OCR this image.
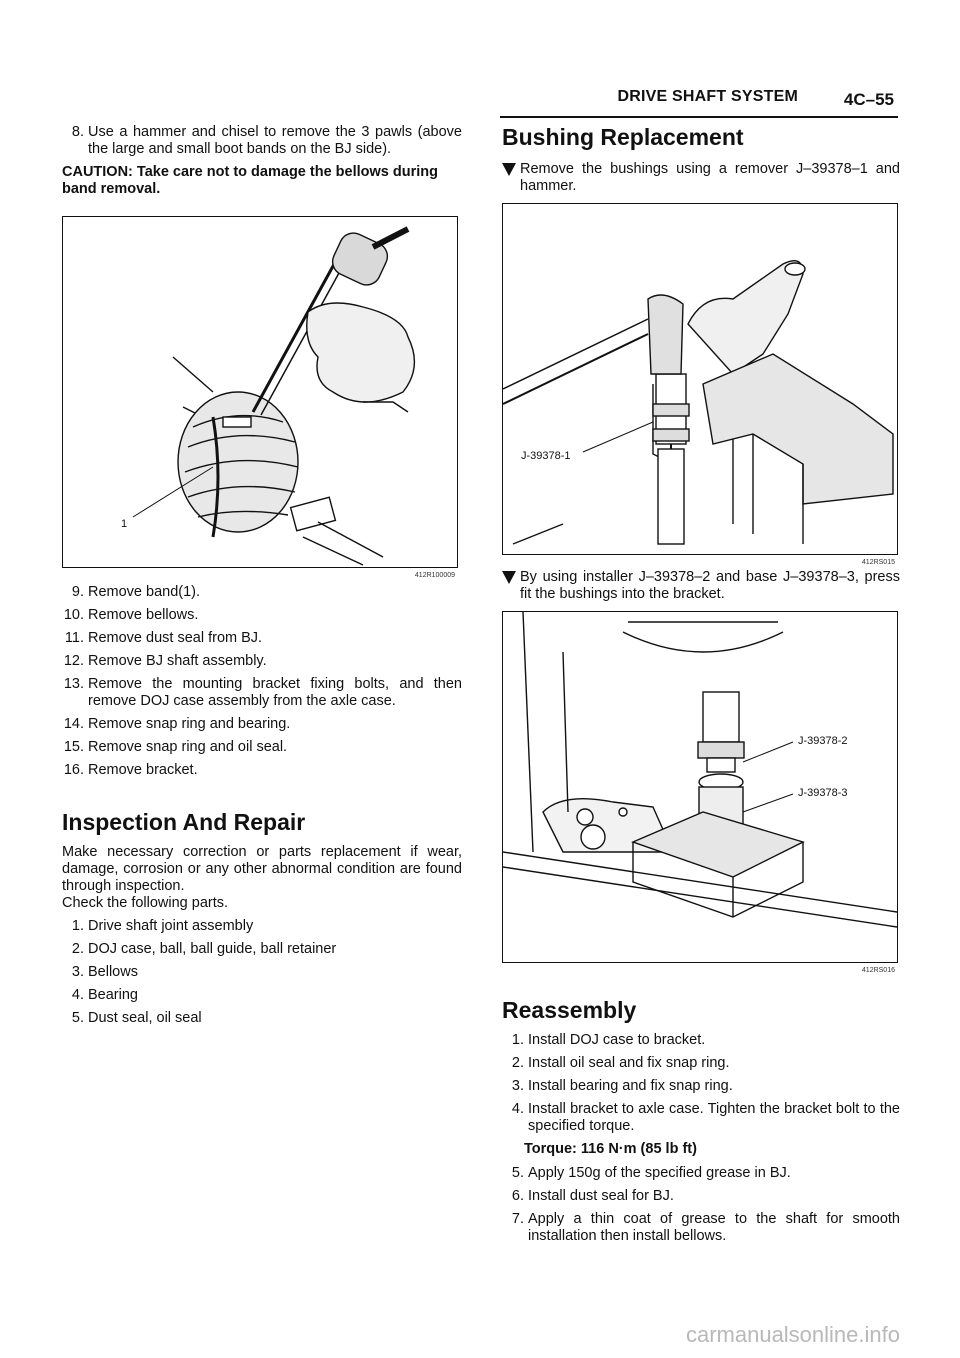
DRIVE SHAFT SYSTEM	4C–55
8. Use a hammer and chisel to remove the 3 pawls (above the large and small boot bands on the BJ side).
CAUTION: Take care not to damage the bellows during band removal.
1
412R100009
9. Remove band(1).
10. Remove bellows.
11. Remove dust seal from BJ.
12. Remove BJ shaft assembly.
13. Remove the mounting bracket fixing bolts, and then remove DOJ case assembly from the axle case.
14. Remove snap ring and bearing.
15. Remove snap ring and oil seal.
16. Remove bracket.
Inspection And Repair

Make necessary correction or parts replacement if wear, damage, corrosion or any other abnormal condition are found through inspection.

Check the following parts.

1. Drive shaft joint assembly
2. DOJ case, ball, ball guide, ball retainer
3. Bellows
4. Bearing
5. Dust seal, oil seal
Bushing Replacement
Remove the bushings using a remover J–39378–1 and hammer.
J-39378-1
412RS015
By using installer J–39378–2 and base J–39378–3, press fit the bushings into the bracket.
J-39378-2
J-39378-3
412RS016
Reassembly
1. Install DOJ case to bracket.
2. Install oil seal and fix snap ring.
3. Install bearing and fix snap ring.
4. Install bracket to axle case. Tighten the bracket bolt to the specified torque.
Torque: 116 N·m (85 lb ft)
5. Apply 150g of the specified grease in BJ.
6. Install dust seal for BJ.
7. Apply a thin coat of grease to the shaft for smooth installation then install bellows.
carmanualsonline.info
